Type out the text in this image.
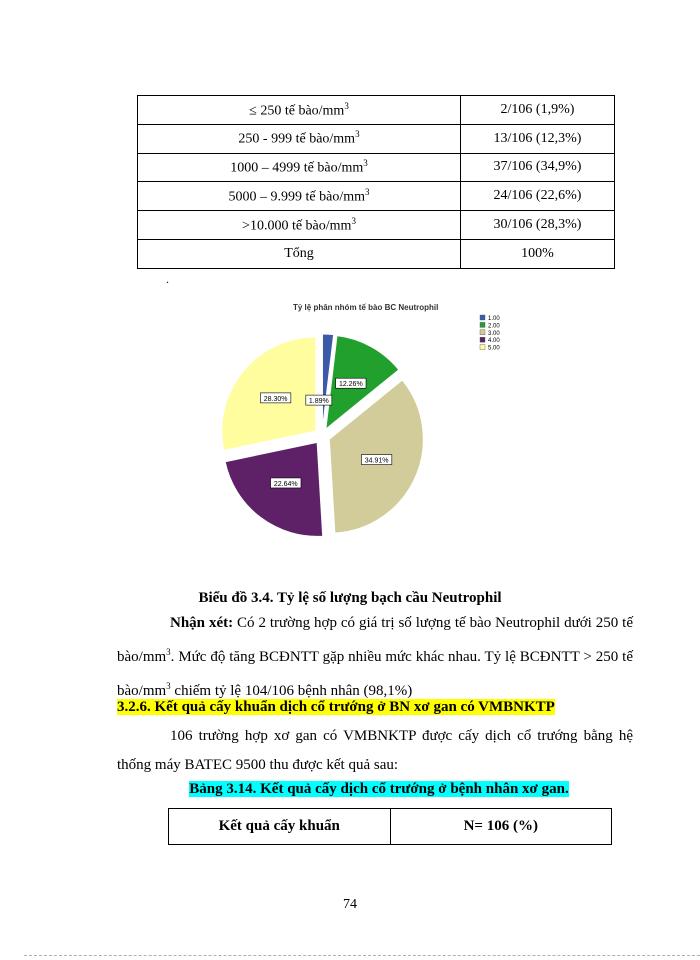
≤ 250 tế bào/$mm^3$	2/106 (1,9%)
250 - 999 tế bào/$mm^3$	13/106 (12,3%)
1000 – 4999 tế bào/$mm^3$	37/106 (34,9%)
5000 – 9.999 tế bào/$mm^3$	24/106 (22,6%)
>10.000 tế bào/$mm^3$	30/106 (28,3%)
Tổng	100%
.
Tỷ lệ phân nhóm tế bào BC Neutrophil
1.00
2.00
3.00
4.00
5.00
1.89%
12.26%
34.91%
22.64%
28.30%
Biểu đồ 3.4. Tỷ lệ số lượng bạch cầu Neutrophil
Nhận xét: Có 2 trường hợp có giá trị số lượng tế bào Neutrophil dưới 250 tế bào/$mm^3$. Mức độ tăng BCĐNTT gặp nhiều mức khác nhau. Tỷ lệ BCĐNTT > 250 tế bào/$mm^3$ chiếm tỷ lệ 104/106 bệnh nhân (98,1%)
3.2.6. Kết quả cấy khuẩn dịch cổ trướng ở BN xơ gan có VMBNKTP
106 trường hợp xơ gan có VMBNKTP được cấy dịch cổ trướng bằng hệ thống máy BATEC 9500 thu được kết quả sau:
Bảng 3.14. Kết quả cấy dịch cổ trướng ở bệnh nhân xơ gan.
Kết quả cấy khuẩn	N= 106 (%)
74
